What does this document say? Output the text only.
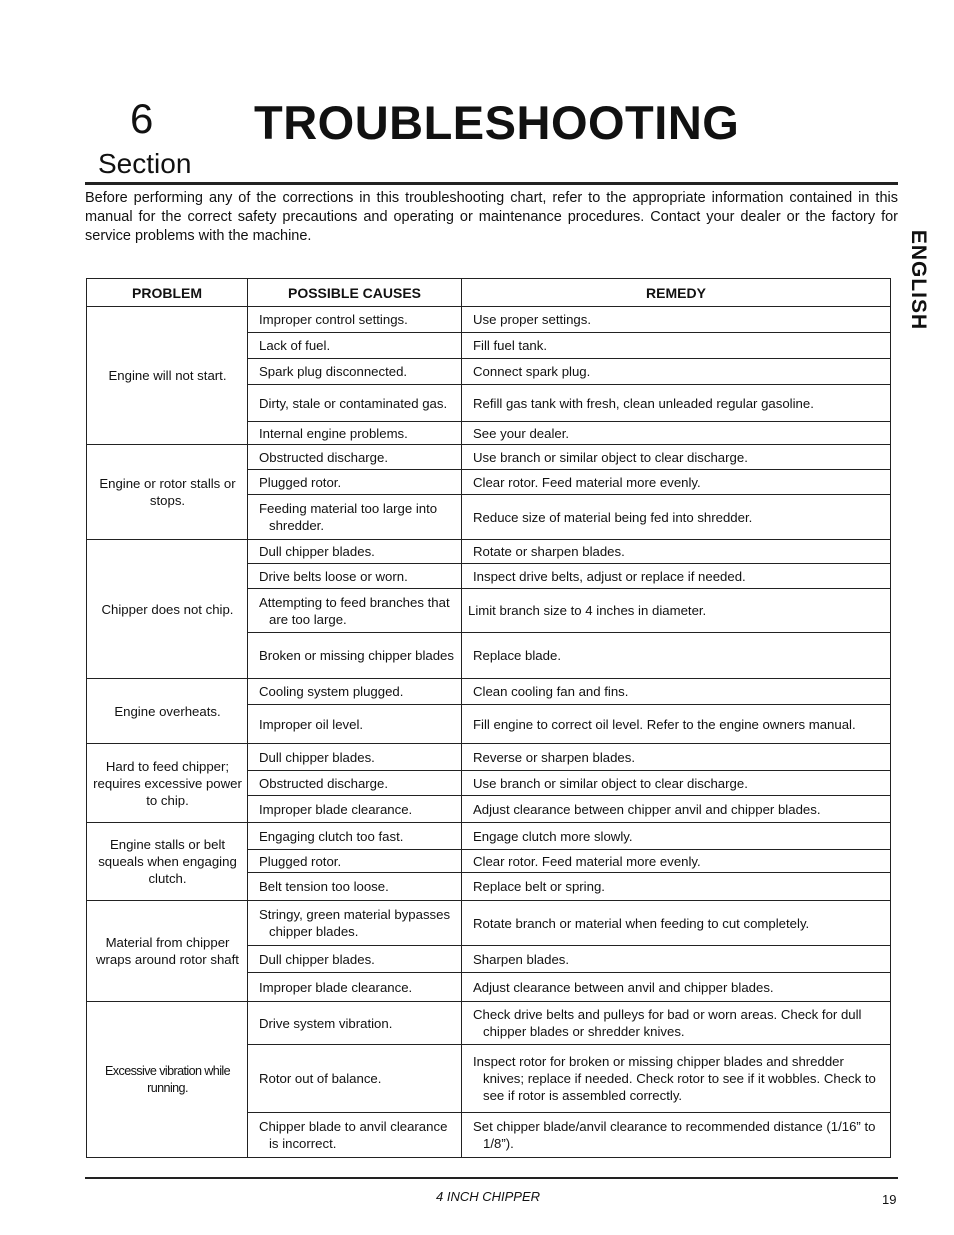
6
Section
TROUBLESHOOTING
Before performing any of the corrections in this troubleshooting chart, refer to the appropriate information contained in this manual for the correct safety precautions and operating or maintenance procedures. Contact your dealer or the factory for service problems with the machine.	ENGLISH
PROBLEM	POSSIBLE CAUSES	REMEDY
Engine will not start.	Improper control settings.	Use proper settings.

	Lack of fuel.	Fill fuel tank.

	Spark plug disconnected.	Connect spark plug.

	Dirty, stale or contaminated gas.	Refill gas tank with fresh, clean unleaded regular gasoline.

	Internal engine problems.	See your dealer.

Engine or rotor stalls or stops.	Obstructed discharge.	Use branch or similar object to clear discharge.

	Plugged rotor.	Clear rotor. Feed material more evenly.

	Feeding material too large into shredder.	Reduce size of material being fed into shredder.

Chipper does not chip.	Dull chipper blades.	Rotate or sharpen blades.

	Drive belts loose or worn.	Inspect drive belts, adjust or replace if needed.

	Attempting to feed branches that are too large.	Limit branch size to 4 inches in diameter.

	Broken or missing chipper blades	Replace blade.

Engine overheats.	Cooling system plugged.	Clean cooling fan and fins.

	Improper oil level.	Fill engine to correct oil level. Refer to the engine owners manual.

Hard to feed chipper; requires excessive power to chip.	Dull chipper blades.	Reverse or sharpen blades.

	Obstructed discharge.	Use branch or similar object to clear discharge.

	Improper blade clearance.	Adjust clearance between chipper anvil and chipper blades.

Engine stalls or belt squeals when engaging clutch.	Engaging clutch too fast.	Engage clutch more slowly.

	Plugged rotor.	Clear rotor. Feed material more evenly.

	Belt tension too loose.	Replace belt or spring.

Material from chipper wraps around rotor shaft	Stringy, green material bypasses chipper blades.	Rotate branch or material when feeding to cut completely.

	Dull chipper blades.	Sharpen blades.

	Improper blade clearance.	Adjust clearance between anvil and chipper blades.

Excessive vibration while running.	Drive system vibration.	Check drive belts and pulleys for bad or worn areas. Check for dull chipper blades or shredder knives.

	Rotor out of balance.	Inspect rotor for broken or missing chipper blades and shredder knives; replace if needed. Check rotor to see if it wobbles. Check to see if rotor is assembled correctly.

	Chipper blade to anvil clearance is incorrect.	Set chipper blade/anvil clearance to recommended distance (1/16” to 1/8”).
4 INCH CHIPPER	19
